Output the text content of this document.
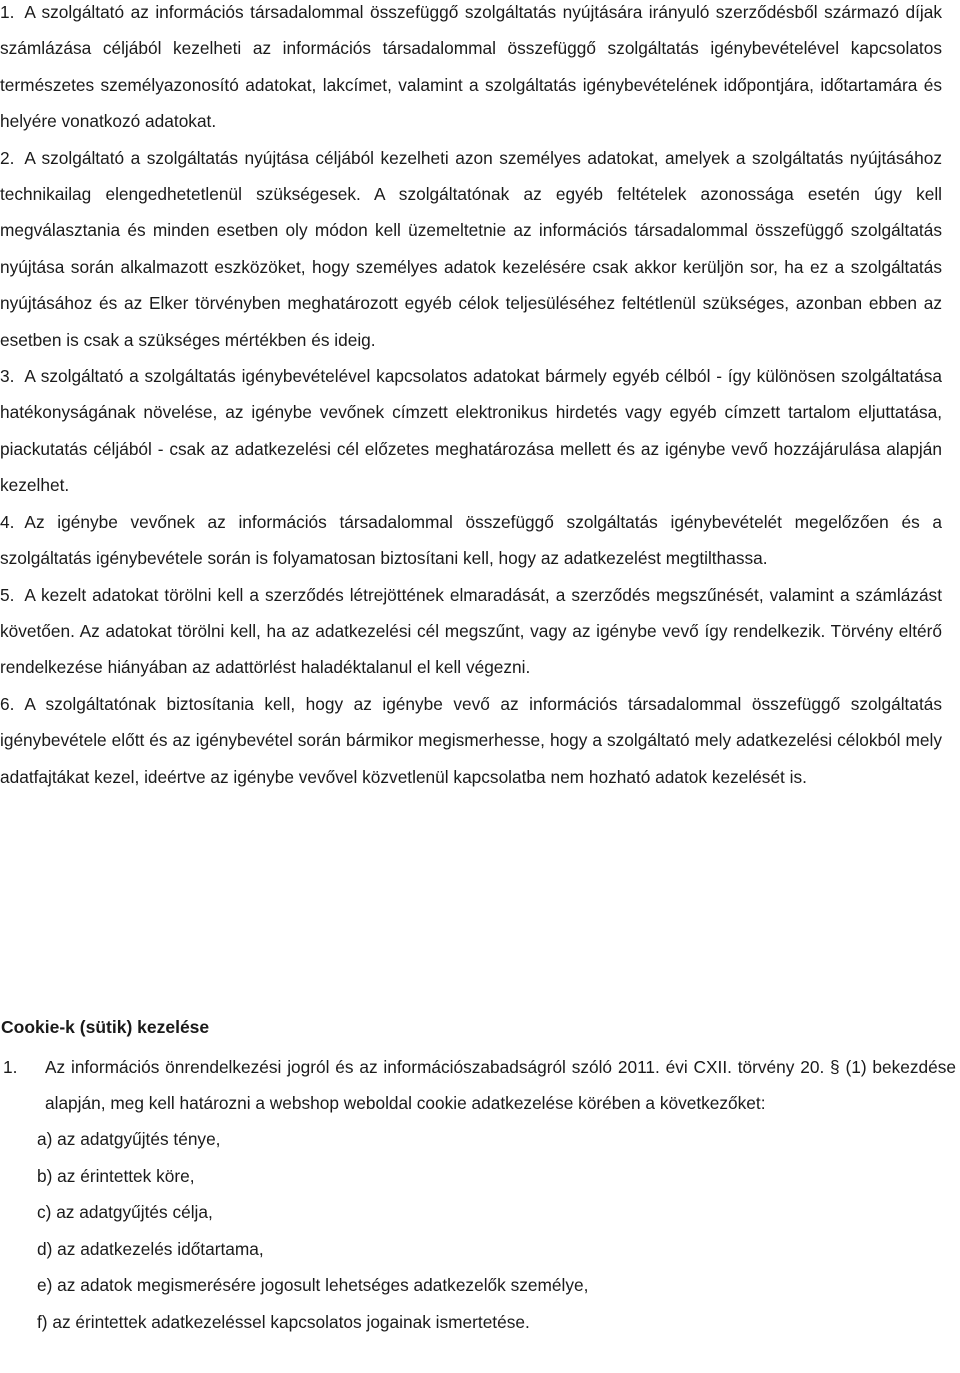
1. A szolgáltató az információs társadalommal összefüggő szolgáltatás nyújtására irányuló szerződésből származó díjak számlázása céljából kezelheti az információs társadalommal összefüggő szolgáltatás igénybevételével kapcsolatos természetes személyazonosító adatokat, lakcímet, valamint a szolgáltatás igénybevételének időpontjára, időtartamára és helyére vonatkozó adatokat.
2. A szolgáltató a szolgáltatás nyújtása céljából kezelheti azon személyes adatokat, amelyek a szolgáltatás nyújtásához technikailag elengedhetetlenül szükségesek. A szolgáltatónak az egyéb feltételek azonossága esetén úgy kell megválasztania és minden esetben oly módon kell üzemeltetnie az információs társadalommal összefüggő szolgáltatás nyújtása során alkalmazott eszközöket, hogy személyes adatok kezelésére csak akkor kerüljön sor, ha ez a szolgáltatás nyújtásához és az Elker törvényben meghatározott egyéb célok teljesüléséhez feltétlenül szükséges, azonban ebben az esetben is csak a szükséges mértékben és ideig.
3. A szolgáltató a szolgáltatás igénybevételével kapcsolatos adatokat bármely egyéb célból - így különösen szolgáltatása hatékonyságának növelése, az igénybe vevőnek címzett elektronikus hirdetés vagy egyéb címzett tartalom eljuttatása, piackutatás céljából - csak az adatkezelési cél előzetes meghatározása mellett és az igénybe vevő hozzájárulása alapján kezelhet.
4. Az igénybe vevőnek az információs társadalommal összefüggő szolgáltatás igénybevételét megelőzően és a szolgáltatás igénybevétele során is folyamatosan biztosítani kell, hogy az adatkezelést megtilthassa.
5. A kezelt adatokat törölni kell a szerződés létrejöttének elmaradását, a szerződés megszűnését, valamint a számlázást követően. Az adatokat törölni kell, ha az adatkezelési cél megszűnt, vagy az igénybe vevő így rendelkezik. Törvény eltérő rendelkezése hiányában az adattörlést haladéktalanul el kell végezni.
6. A szolgáltatónak biztosítania kell, hogy az igénybe vevő az információs társadalommal összefüggő szolgáltatás igénybevétele előtt és az igénybevétel során bármikor megismerhesse, hogy a szolgáltató mely adatkezelési célokból mely adatfajtákat kezel, ideértve az igénybe vevővel közvetlenül kapcsolatba nem hozható adatok kezelését is.
Cookie-k (sütik) kezelése
1. Az információs önrendelkezési jogról és az információszabadságról szóló 2011. évi CXII. törvény 20. § (1) bekezdése alapján, meg kell határozni a webshop weboldal cookie adatkezelése körében a következőket:
a) az adatgyűjtés ténye,
b) az érintettek köre,
c) az adatgyűjtés célja,
d) az adatkezelés időtartama,
e) az adatok megismerésére jogosult lehetséges adatkezelők személye,
f) az érintettek adatkezeléssel kapcsolatos jogainak ismertetése.
